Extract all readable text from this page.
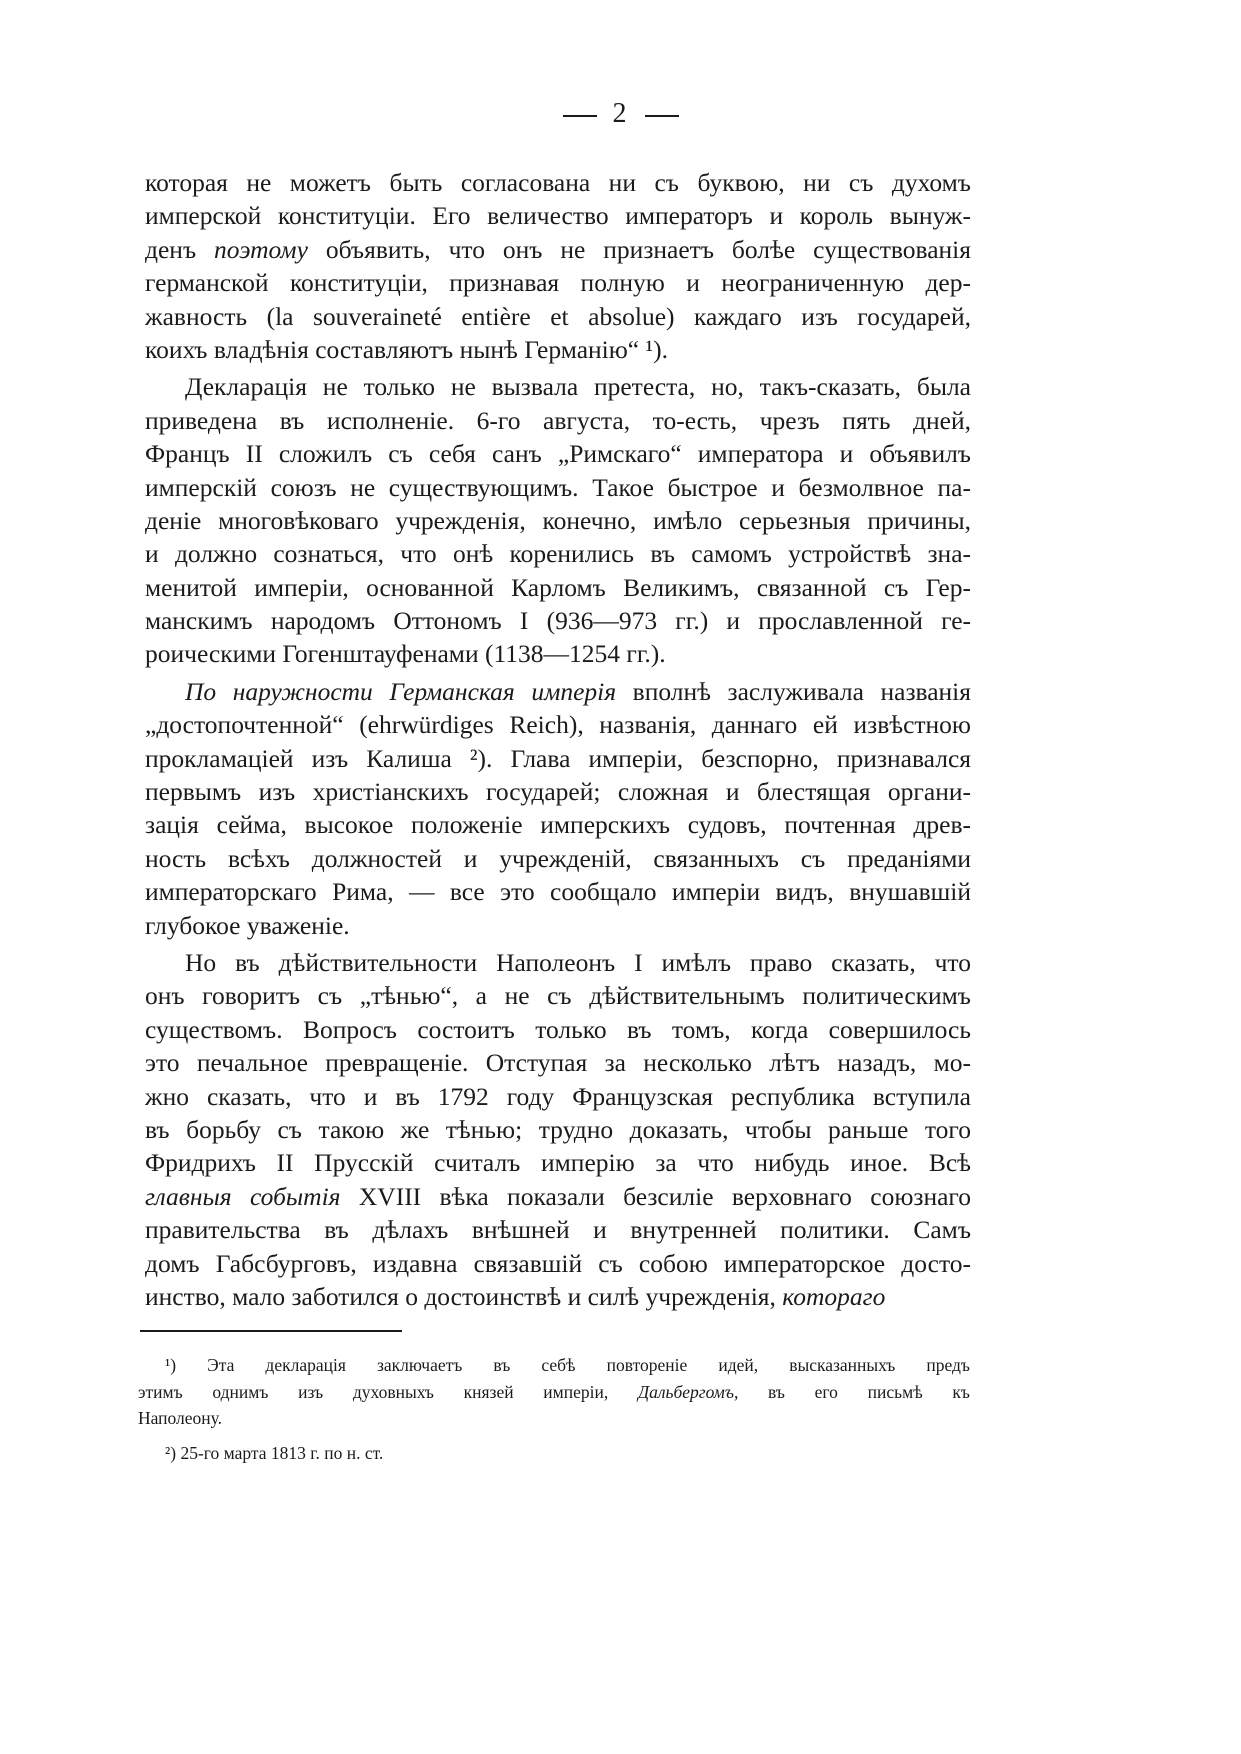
2
которая не можетъ быть согласована ни съ буквою, ни съ духомъ
имперской конституціи. Его величество императоръ и король вынуж-
денъ поэтому объявить, что онъ не признаетъ болѣе существованія
германской конституціи, признавая полную и неограниченную дер-
жавность (la souveraineté entière et absolue) каждаго изъ государей,
коихъ владѣнія составляютъ нынѣ Германію“ ¹).
Декларація не только не вызвала претеста, но, такъ-сказать, была
приведена въ исполненіе. 6-го августа, то-есть, чрезъ пять дней,
Францъ II сложилъ съ себя санъ „Римскаго“ императора и объявилъ
имперскій союзъ не существующимъ. Такое быстрое и безмолвное па-
деніе многовѣковаго учрежденія, конечно, имѣло серьезныя причины,
и должно сознаться, что онѣ коренились въ самомъ устройствѣ зна-
менитой имперіи, основанной Карломъ Великимъ, связанной съ Гер-
манскимъ народомъ Оттономъ I (936—973 гг.) и прославленной ге-
роическими Гогенштауфенами (1138—1254 гг.).
По наружности Германская имперія вполнѣ заслуживала названія
„достопочтенной“ (ehrwürdiges Reich), названія, даннаго ей извѣстною
прокламаціей изъ Калиша ²). Глава имперіи, безспорно, признавался
первымъ изъ христіанскихъ государей; сложная и блестящая органи-
зація сейма, высокое положеніе имперскихъ судовъ, почтенная древ-
ность всѣхъ должностей и учрежденій, связанныхъ съ преданіями
императорскаго Рима, — все это сообщало имперіи видъ, внушавшій
глубокое уваженіе.
Но въ дѣйствительности Наполеонъ I имѣлъ право сказать, что
онъ говоритъ съ „тѣнью“, а не съ дѣйствительнымъ политическимъ
существомъ. Вопросъ состоитъ только въ томъ, когда совершилось
это печальное превращеніе. Отступая за несколько лѣтъ назадъ, мо-
жно сказать, что и въ 1792 году Французская республика вступила
въ борьбу съ такою же тѣнью; трудно доказать, чтобы раньше того
Фридрихъ II Прусскій считалъ имперію за что нибудь иное. Всѣ
главныя событія XVIII вѣка показали безсиліе верховнаго союзнаго
правительства въ дѣлахъ внѣшней и внутренней политики. Самъ
домъ Габсбурговъ, издавна связавшій съ собою императорское досто-
инство, мало заботился о достоинствѣ и силѣ учрежденія, котораго
¹) Эта декларація заключаетъ въ себѣ повтореніе идей, высказанныхъ предъ
этимъ однимъ изъ духовныхъ князей имперіи, Дальбергомъ, въ его письмѣ къ
Наполеону.
²) 25-го марта 1813 г. по н. ст.
